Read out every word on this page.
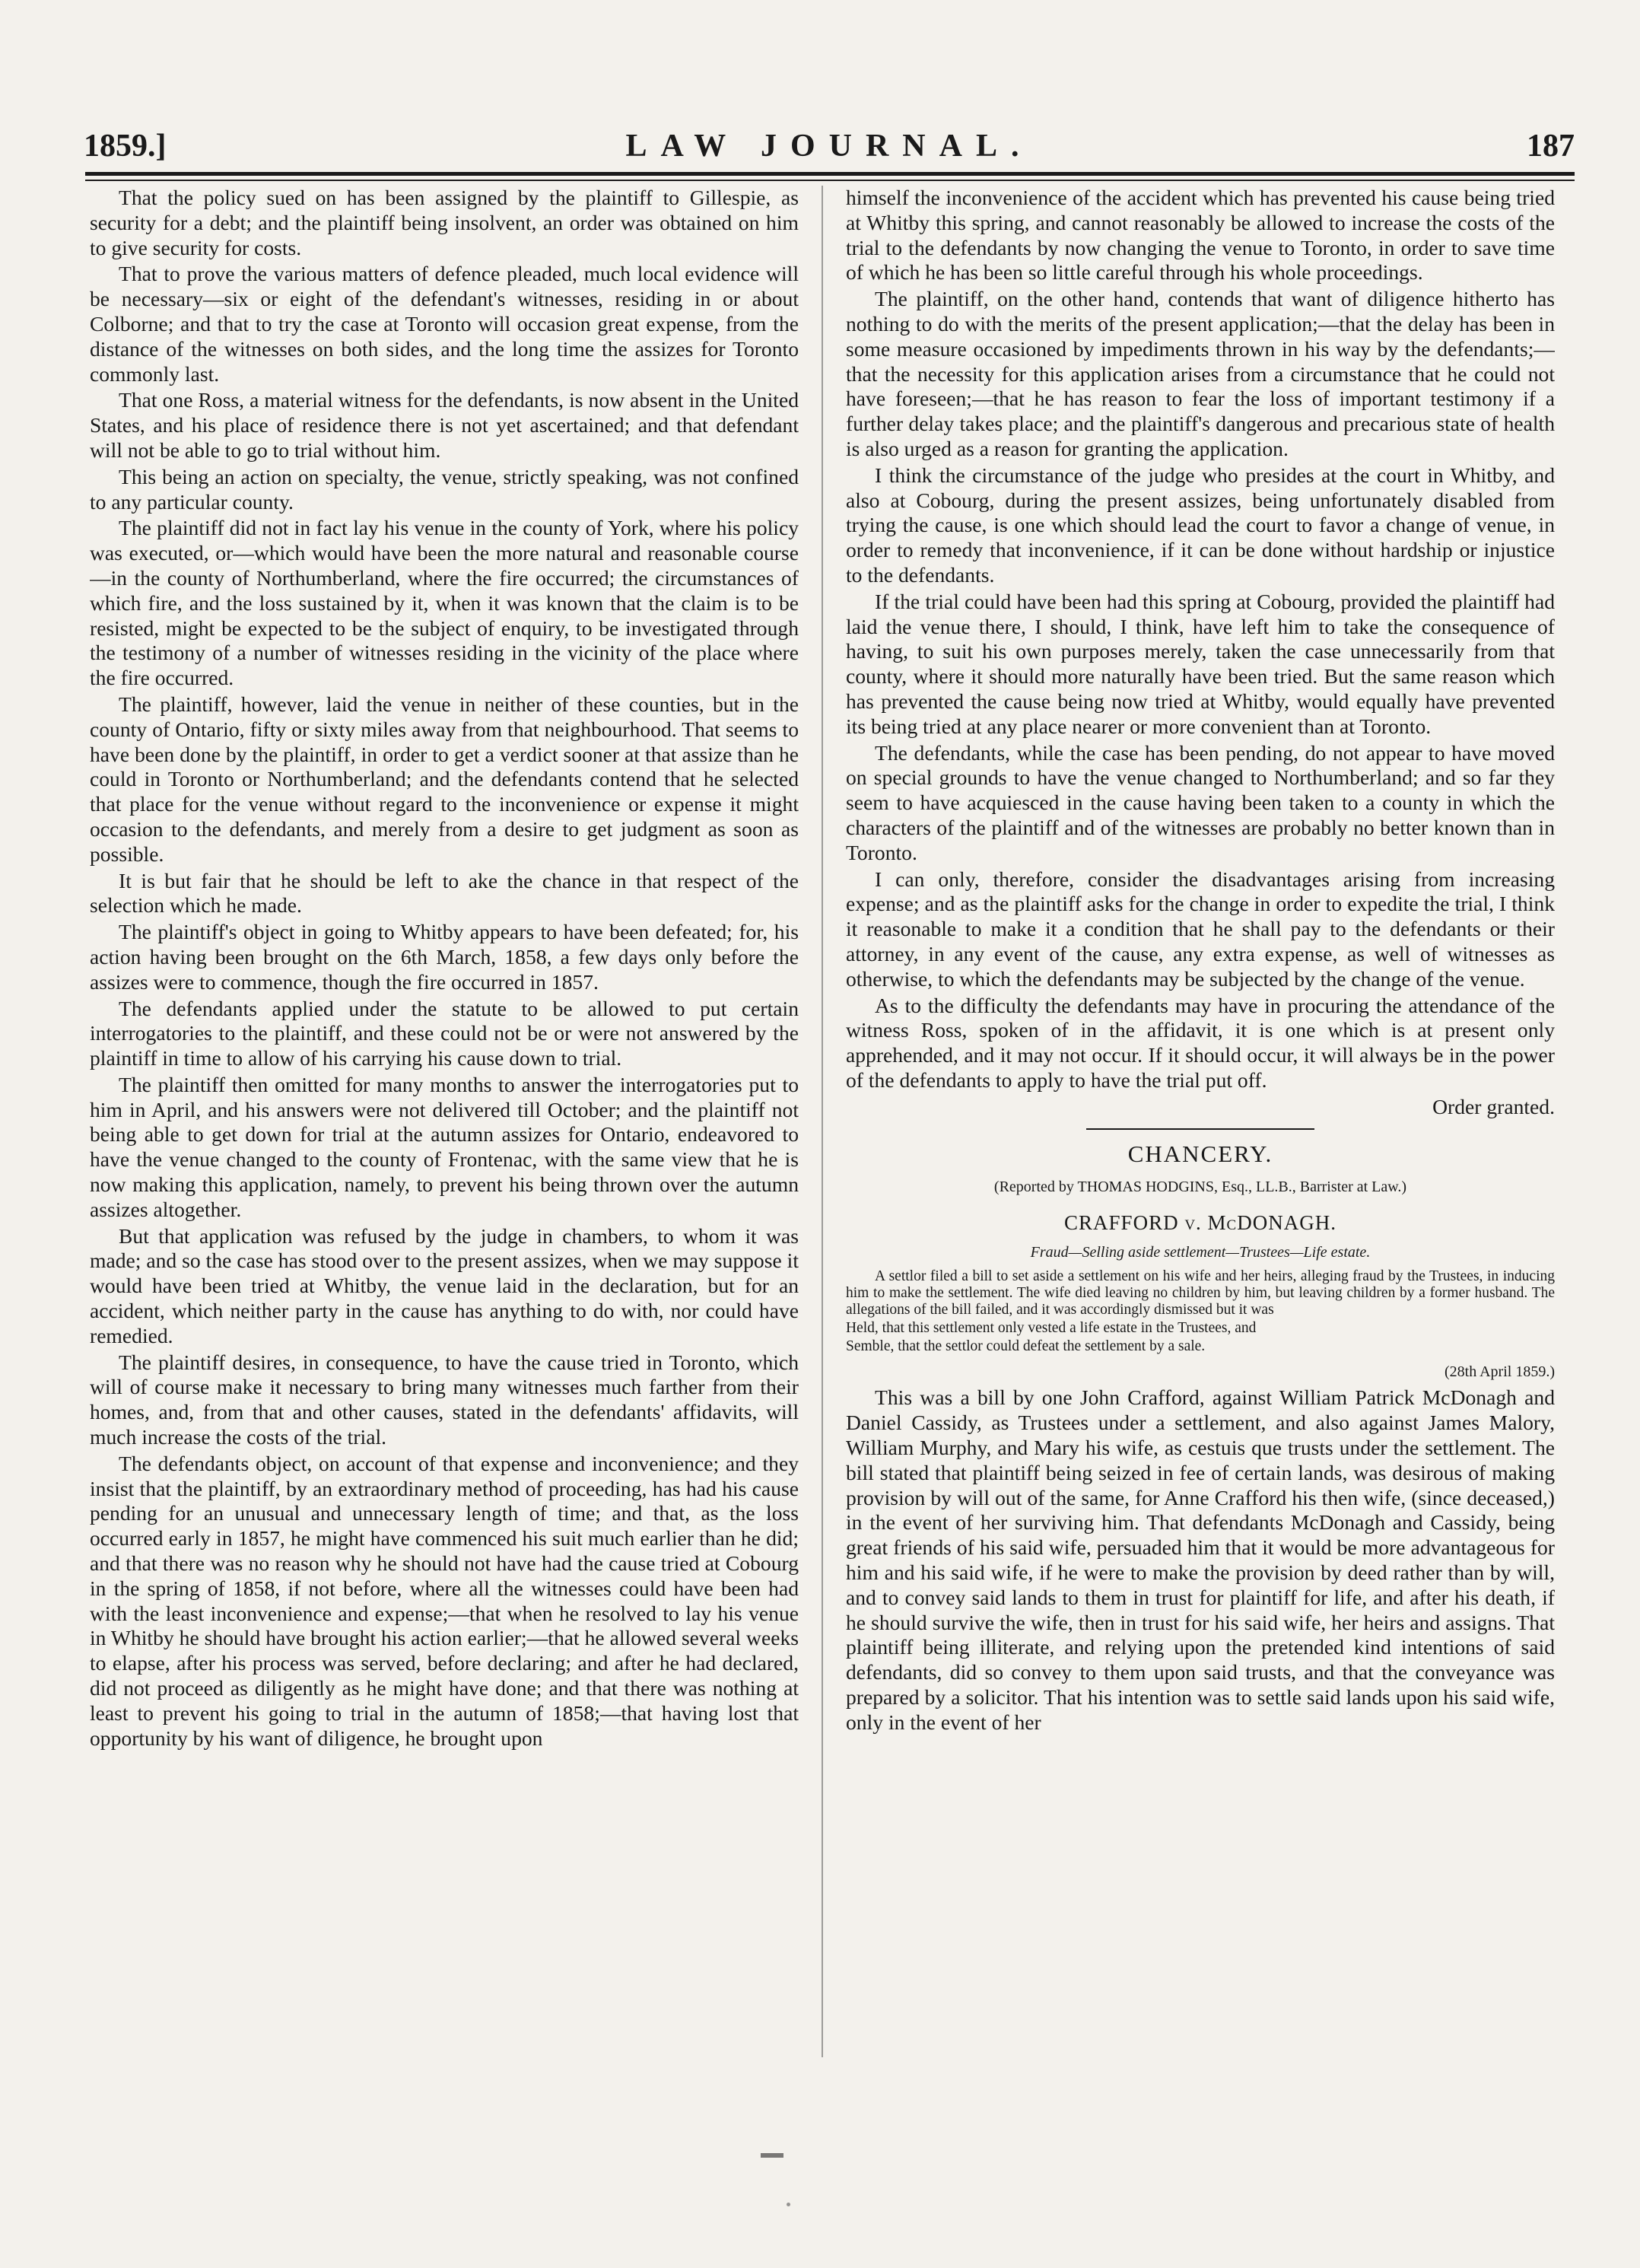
1859.]	LAW JOURNAL.	187

That the policy sued on has been assigned by the plaintiff to Gillespie, as security for a debt; and the plaintiff being insolvent, an order was obtained on him to give security for costs.

That to prove the various matters of defence pleaded, much local evidence will be necessary—six or eight of the defendant's witnesses, residing in or about Colborne; and that to try the case at Toronto will occasion great expense, from the distance of the witnesses on both sides, and the long time the assizes for Toronto commonly last.

That one Ross, a material witness for the defendants, is now absent in the United States, and his place of residence there is not yet ascertained; and that defendant will not be able to go to trial without him.

This being an action on specialty, the venue, strictly speaking, was not confined to any particular county.

The plaintiff did not in fact lay his venue in the county of York, where his policy was executed, or—which would have been the more natural and reasonable course—in the county of Northumberland, where the fire occurred; the circumstances of which fire, and the loss sustained by it, when it was known that the claim is to be resisted, might be expected to be the subject of enquiry, to be investigated through the testimony of a number of witnesses residing in the vicinity of the place where the fire occurred.

The plaintiff, however, laid the venue in neither of these counties, but in the county of Ontario, fifty or sixty miles away from that neighbourhood. That seems to have been done by the plaintiff, in order to get a verdict sooner at that assize than he could in Toronto or Northumberland; and the defendants contend that he selected that place for the venue without regard to the inconvenience or expense it might occasion to the defendants, and merely from a desire to get judgment as soon as possible.

It is but fair that he should be left to ake the chance in that respect of the selection which he made.

The plaintiff's object in going to Whitby appears to have been defeated; for, his action having been brought on the 6th March, 1858, a few days only before the assizes were to commence, though the fire occurred in 1857.

The defendants applied under the statute to be allowed to put certain interrogatories to the plaintiff, and these could not be or were not answered by the plaintiff in time to allow of his carrying his cause down to trial.

The plaintiff then omitted for many months to answer the interrogatories put to him in April, and his answers were not delivered till October; and the plaintiff not being able to get down for trial at the autumn assizes for Ontario, endeavored to have the venue changed to the county of Frontenac, with the same view that he is now making this application, namely, to prevent his being thrown over the autumn assizes altogether.

But that application was refused by the judge in chambers, to whom it was made; and so the case has stood over to the present assizes, when we may suppose it would have been tried at Whitby, the venue laid in the declaration, but for an accident, which neither party in the cause has anything to do with, nor could have remedied.

The plaintiff desires, in consequence, to have the cause tried in Toronto, which will of course make it necessary to bring many witnesses much farther from their homes, and, from that and other causes, stated in the defendants' affidavits, will much increase the costs of the trial.

The defendants object, on account of that expense and inconvenience; and they insist that the plaintiff, by an extraordinary method of proceeding, has had his cause pending for an unusual and unnecessary length of time; and that, as the loss occurred early in 1857, he might have commenced his suit much earlier than he did; and that there was no reason why he should not have had the cause tried at Cobourg in the spring of 1858, if not before, where all the witnesses could have been had with the least inconvenience and expense;—that when he resolved to lay his venue in Whitby he should have brought his action earlier;—that he allowed several weeks to elapse, after his process was served, before declaring; and after he had declared, did not proceed as diligently as he might have done; and that there was nothing at least to prevent his going to trial in the autumn of 1858;—that having lost that opportunity by his want of diligence, he brought upon

himself the inconvenience of the accident which has prevented his cause being tried at Whitby this spring, and cannot reasonably be allowed to increase the costs of the trial to the defendants by now changing the venue to Toronto, in order to save time of which he has been so little careful through his whole proceedings.

The plaintiff, on the other hand, contends that want of diligence hitherto has nothing to do with the merits of the present application;—that the delay has been in some measure occasioned by impediments thrown in his way by the defendants;—that the necessity for this application arises from a circumstance that he could not have foreseen;—that he has reason to fear the loss of important testimony if a further delay takes place; and the plaintiff's dangerous and precarious state of health is also urged as a reason for granting the application.

I think the circumstance of the judge who presides at the court in Whitby, and also at Cobourg, during the present assizes, being unfortunately disabled from trying the cause, is one which should lead the court to favor a change of venue, in order to remedy that inconvenience, if it can be done without hardship or injustice to the defendants.

If the trial could have been had this spring at Cobourg, provided the plaintiff had laid the venue there, I should, I think, have left him to take the consequence of having, to suit his own purposes merely, taken the case unnecessarily from that county, where it should more naturally have been tried. But the same reason which has prevented the cause being now tried at Whitby, would equally have prevented its being tried at any place nearer or more convenient than at Toronto.

The defendants, while the case has been pending, do not appear to have moved on special grounds to have the venue changed to Northumberland; and so far they seem to have acquiesced in the cause having been taken to a county in which the characters of the plaintiff and of the witnesses are probably no better known than in Toronto.

I can only, therefore, consider the disadvantages arising from increasing expense; and as the plaintiff asks for the change in order to expedite the trial, I think it reasonable to make it a condition that he shall pay to the defendants or their attorney, in any event of the cause, any extra expense, as well of witnesses as otherwise, to which the defendants may be subjected by the change of the venue.

As to the difficulty the defendants may have in procuring the attendance of the witness Ross, spoken of in the affidavit, it is one which is at present only apprehended, and it may not occur. If it should occur, it will always be in the power of the defendants to apply to have the trial put off.

Order granted.

CHANCERY.
(Reported by THOMAS HODGINS, Esq., LL.B., Barrister at Law.)
CRAFFORD v. McDONAGH.
Fraud—Selling aside settlement—Trustees—Life estate.

A settlor filed a bill to set aside a settlement on his wife and her heirs, alleging fraud by the Trustees, in inducing him to make the settlement. The wife died leaving no children by him, but leaving children by a former husband. The allegations of the bill failed, and it was accordingly dismissed but it was

Held, that this settlement only vested a life estate in the Trustees, and

Semble, that the settlor could defeat the settlement by a sale.

(28th April 1859.)

This was a bill by one John Crafford, against William Patrick McDonagh and Daniel Cassidy, as Trustees under a settlement, and also against James Malory, William Murphy, and Mary his wife, as cestuis que trusts under the settlement. The bill stated that plaintiff being seized in fee of certain lands, was desirous of making provision by will out of the same, for Anne Crafford his then wife, (since deceased,) in the event of her surviving him. That defendants McDonagh and Cassidy, being great friends of his said wife, persuaded him that it would be more advantageous for him and his said wife, if he were to make the provision by deed rather than by will, and to convey said lands to them in trust for plaintiff for life, and after his death, if he should survive the wife, then in trust for his said wife, her heirs and assigns. That plaintiff being illiterate, and relying upon the pretended kind intentions of said defendants, did so convey to them upon said trusts, and that the conveyance was prepared by a solicitor. That his intention was to settle said lands upon his said wife, only in the event of her
